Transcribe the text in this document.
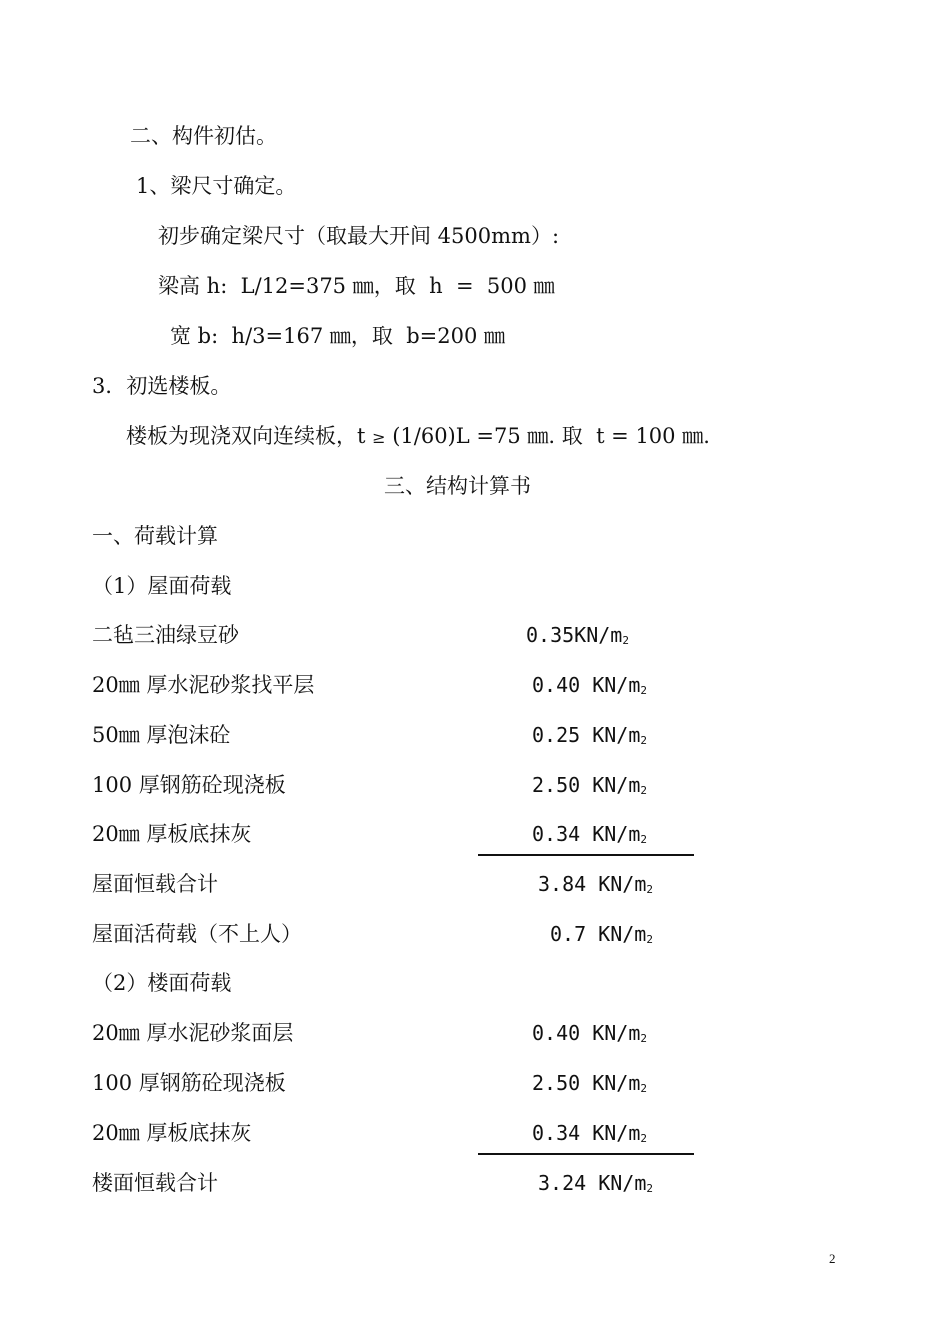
二、构件初估。
1、梁尺寸确定。
初步确定梁尺寸（取最大开间 4500mm）:
梁高 h:  L/12=375 ㎜，取  h  =  500 ㎜
宽 b:  h/3=167 ㎜，取  b=200 ㎜
3．初选楼板。
楼板为现浇双向连续板，t ≥ (1/60)L =75 ㎜. 取  t = 100 ㎜.
三、结构计算书
一、荷载计算
（1）屋面荷载
二毡三油绿豆砂	0.35KN/m2
20㎜ 厚水泥砂浆找平层	0.40 KN/m2
50㎜ 厚泡沫砼	0.25 KN/m2
100 厚钢筋砼现浇板	2.50 KN/m2
20㎜ 厚板底抹灰	0.34 KN/m2
屋面恒载合计	3.84 KN/m2
屋面活荷载（不上人）	0.7 KN/m2
（2）楼面荷载
20㎜ 厚水泥砂浆面层	0.40 KN/m2
100 厚钢筋砼现浇板	2.50 KN/m2
20㎜ 厚板底抹灰	0.34 KN/m2
楼面恒载合计	3.24 KN/m2
2
